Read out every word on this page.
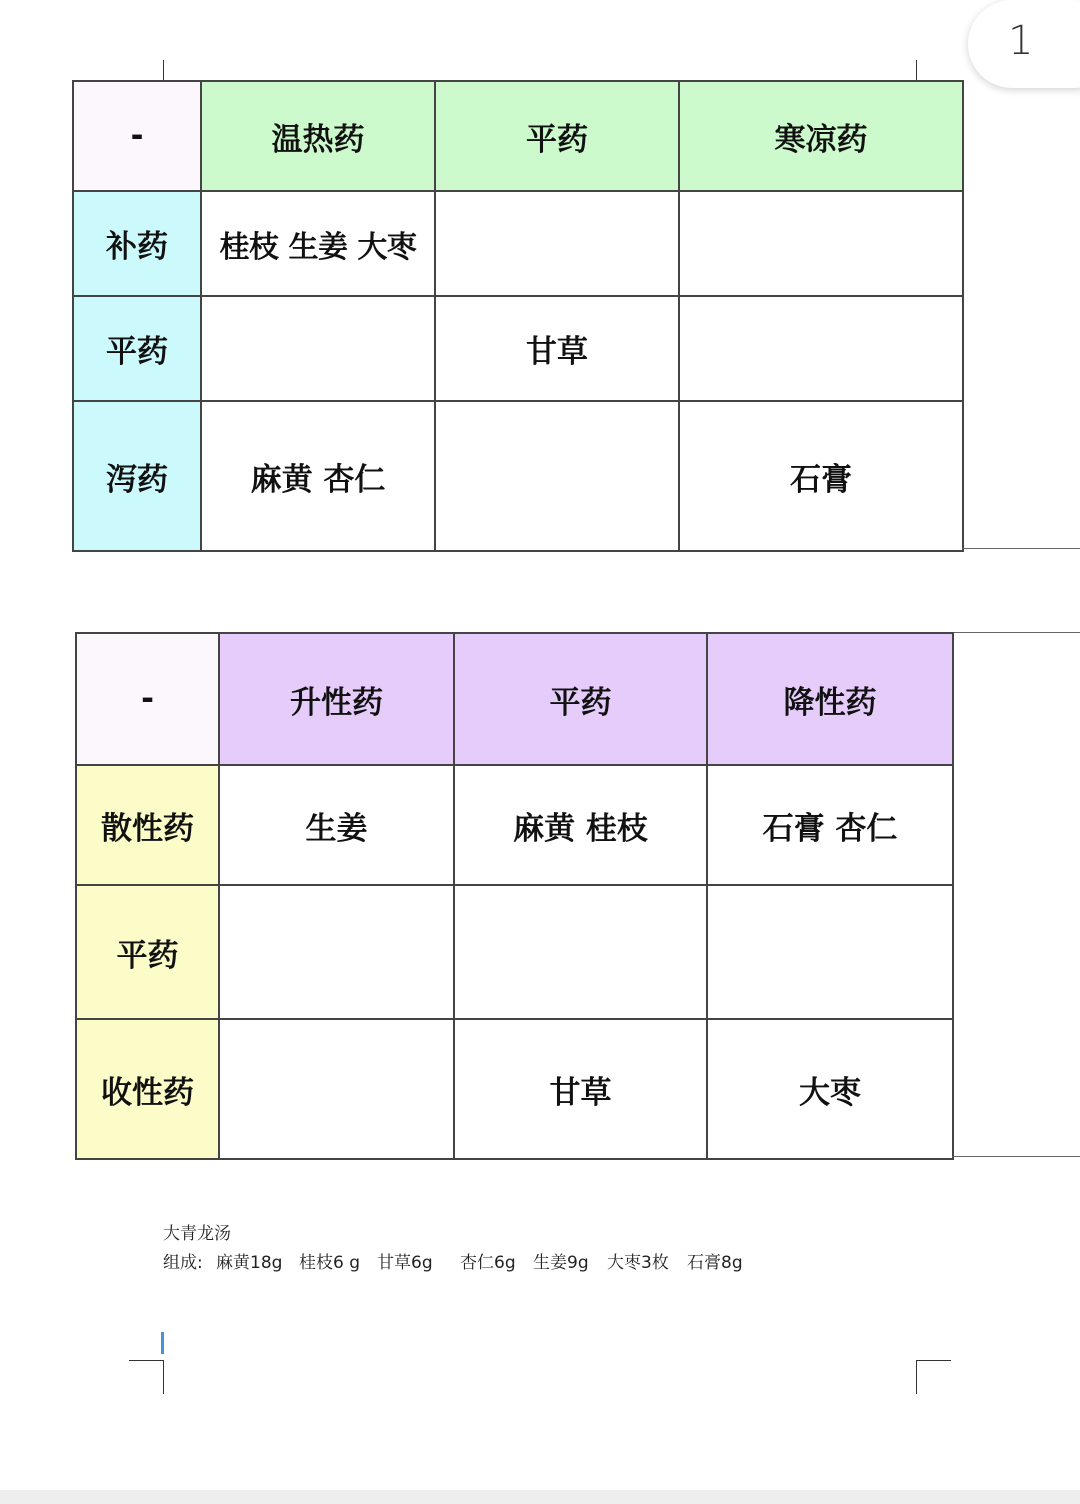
1
-	温热药	平药	寒凉药
补药	桂枝 生姜 大枣		
平药		甘草	
泻药	麻黄 杏仁		石膏
-	升性药	平药	降性药
散性药	生姜	麻黄 桂枝	石膏 杏仁
平药			
收性药		甘草	大枣
大青龙汤
组成: 麻黄18g 桂枝6 g 甘草6g 杏仁6g 生姜9g 大枣3枚 石膏8g
